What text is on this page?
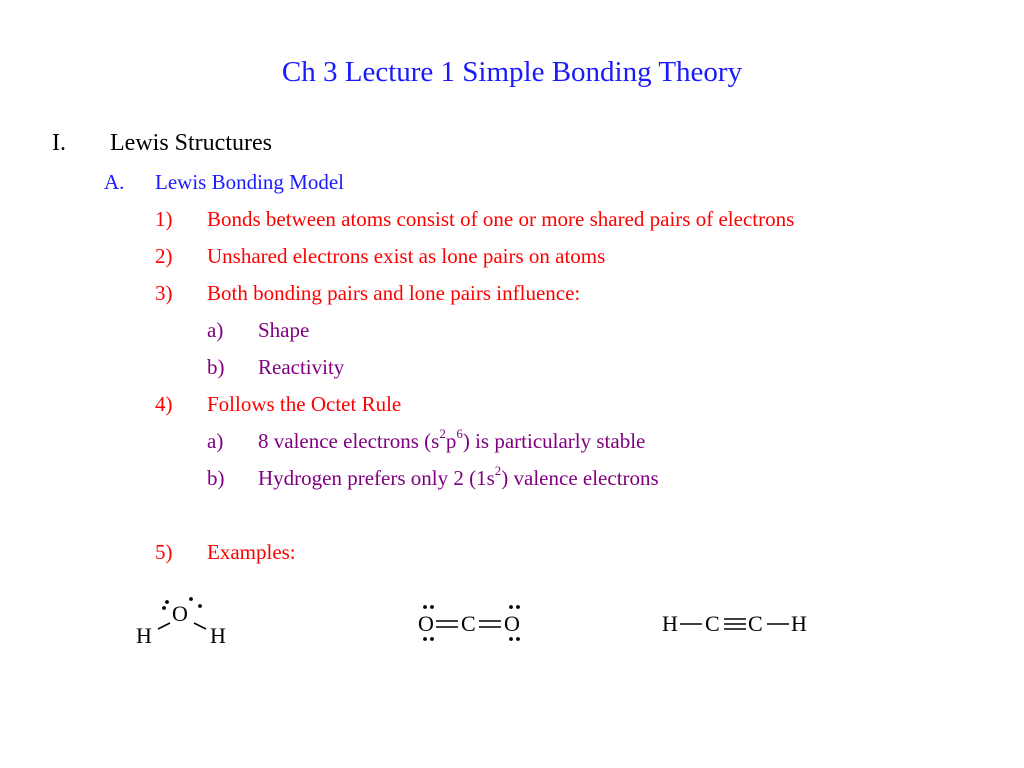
Ch 3 Lecture 1 Simple Bonding Theory
I. Lewis Structures
A. Lewis Bonding Model
1) Bonds between atoms consist of one or more shared pairs of electrons
2) Unshared electrons exist as lone pairs on atoms
3) Both bonding pairs and lone pairs influence:
a) Shape
b) Reactivity
4) Follows the Octet Rule
a) 8 valence electrons $(s^2p^6)$ is particularly stable
b) Hydrogen prefers only 2 $(1s^2)$ valence electrons
5) Examples:
O
H	H	O C O	H C C H
